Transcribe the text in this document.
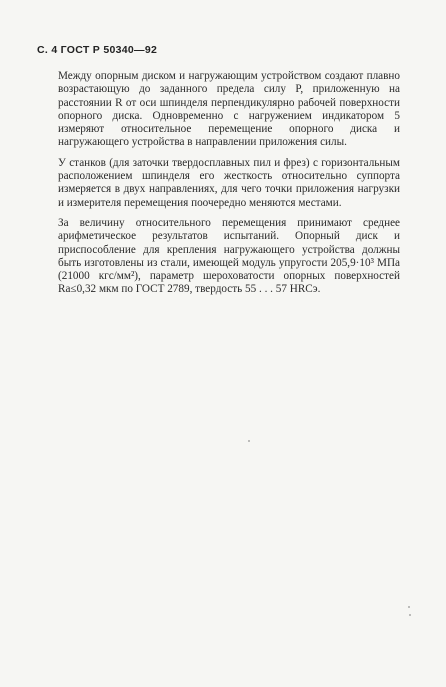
С. 4 ГОСТ Р 50340—92

Между опорным диском и нагружающим устройством создают плавно возрастающую до заданного предела силу P, приложенную на расстоянии R от оси шпинделя перпендикулярно рабочей поверхности опорного диска. Одновременно с нагружением индикатором 5 измеряют относительное перемещение опорного диска и нагружающего устройства в направлении приложения силы.

У станков (для заточки твердосплавных пил и фрез) с горизонтальным расположением шпинделя его жесткость относительно суппорта измеряется в двух направлениях, для чего точки приложения нагрузки и измерителя перемещения поочередно меняются местами.

За величину относительного перемещения принимают среднее арифметическое результатов испытаний. Опорный диск и приспособление для крепления нагружающего устройства должны быть изготовлены из стали, имеющей модуль упругости 205,9·10³ МПа (21000 кгс/мм²), параметр шероховатости опорных поверхностей Ra≤0,32 мкм по ГОСТ 2789, твердость 55 . . . 57 HRCэ.
